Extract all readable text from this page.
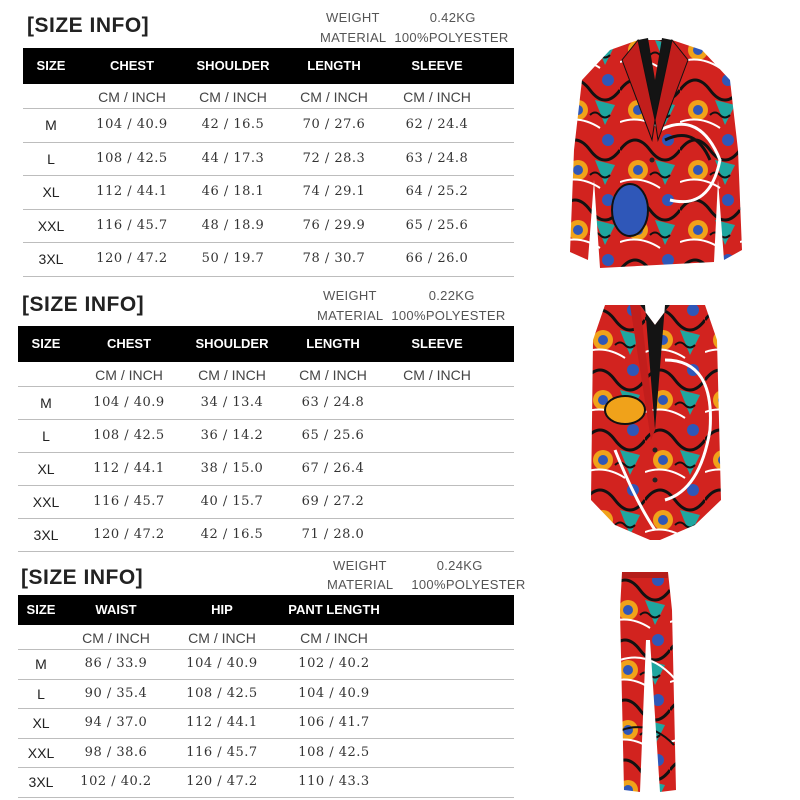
[SIZE INFO]	WEIGHT	0.42KG
MATERIAL 100%POLYESTER
SIZE	CHEST	SHOULDER	LENGTH	SLEEVE
CM / INCH	CM / INCH	CM / INCH	CM / INCH
M	104 / 40.9	42 / 16.5	70 / 27.6	62 / 24.4
L	108 / 42.5	44 / 17.3	72 / 28.3	63 / 24.8
XL	112 / 44.1	46 / 18.1	74 / 29.1	64 / 25.2
XXL	116 / 45.7	48 / 18.9	76 / 29.9	65 / 25.6
3XL	120 / 47.2	50 / 19.7	78 / 30.7	66 / 26.0
[SIZE INFO]	WEIGHT	0.22KG
MATERIAL 100%POLYESTER
SIZE	CHEST	SHOULDER	LENGTH	SLEEVE
CM / INCH	CM / INCH	CM / INCH	CM / INCH
M	104 / 40.9	34 / 13.4	63 / 24.8
L	108 / 42.5	36 / 14.2	65 / 25.6
XL	112 / 44.1	38 / 15.0	67 / 26.4
XXL	116 / 45.7	40 / 15.7	69 / 27.2
3XL	120 / 47.2	42 / 16.5	71 / 28.0
[SIZE INFO]
WEIGHT	0.24KG
MATERIAL 100%POLYESTER
SIZE	WAIST	HIP	PANT LENGTH
CM / INCH	CM / INCH	CM / INCH
M	86 / 33.9	104 / 40.9	102 / 40.2
L	90 / 35.4	108 / 42.5	104 / 40.9
XL	94 / 37.0	112 / 44.1	106 / 41.7
XXL	98 / 38.6	116 / 45.7	108 / 42.5
3XL	102 / 40.2	120 / 47.2	110 / 43.3
